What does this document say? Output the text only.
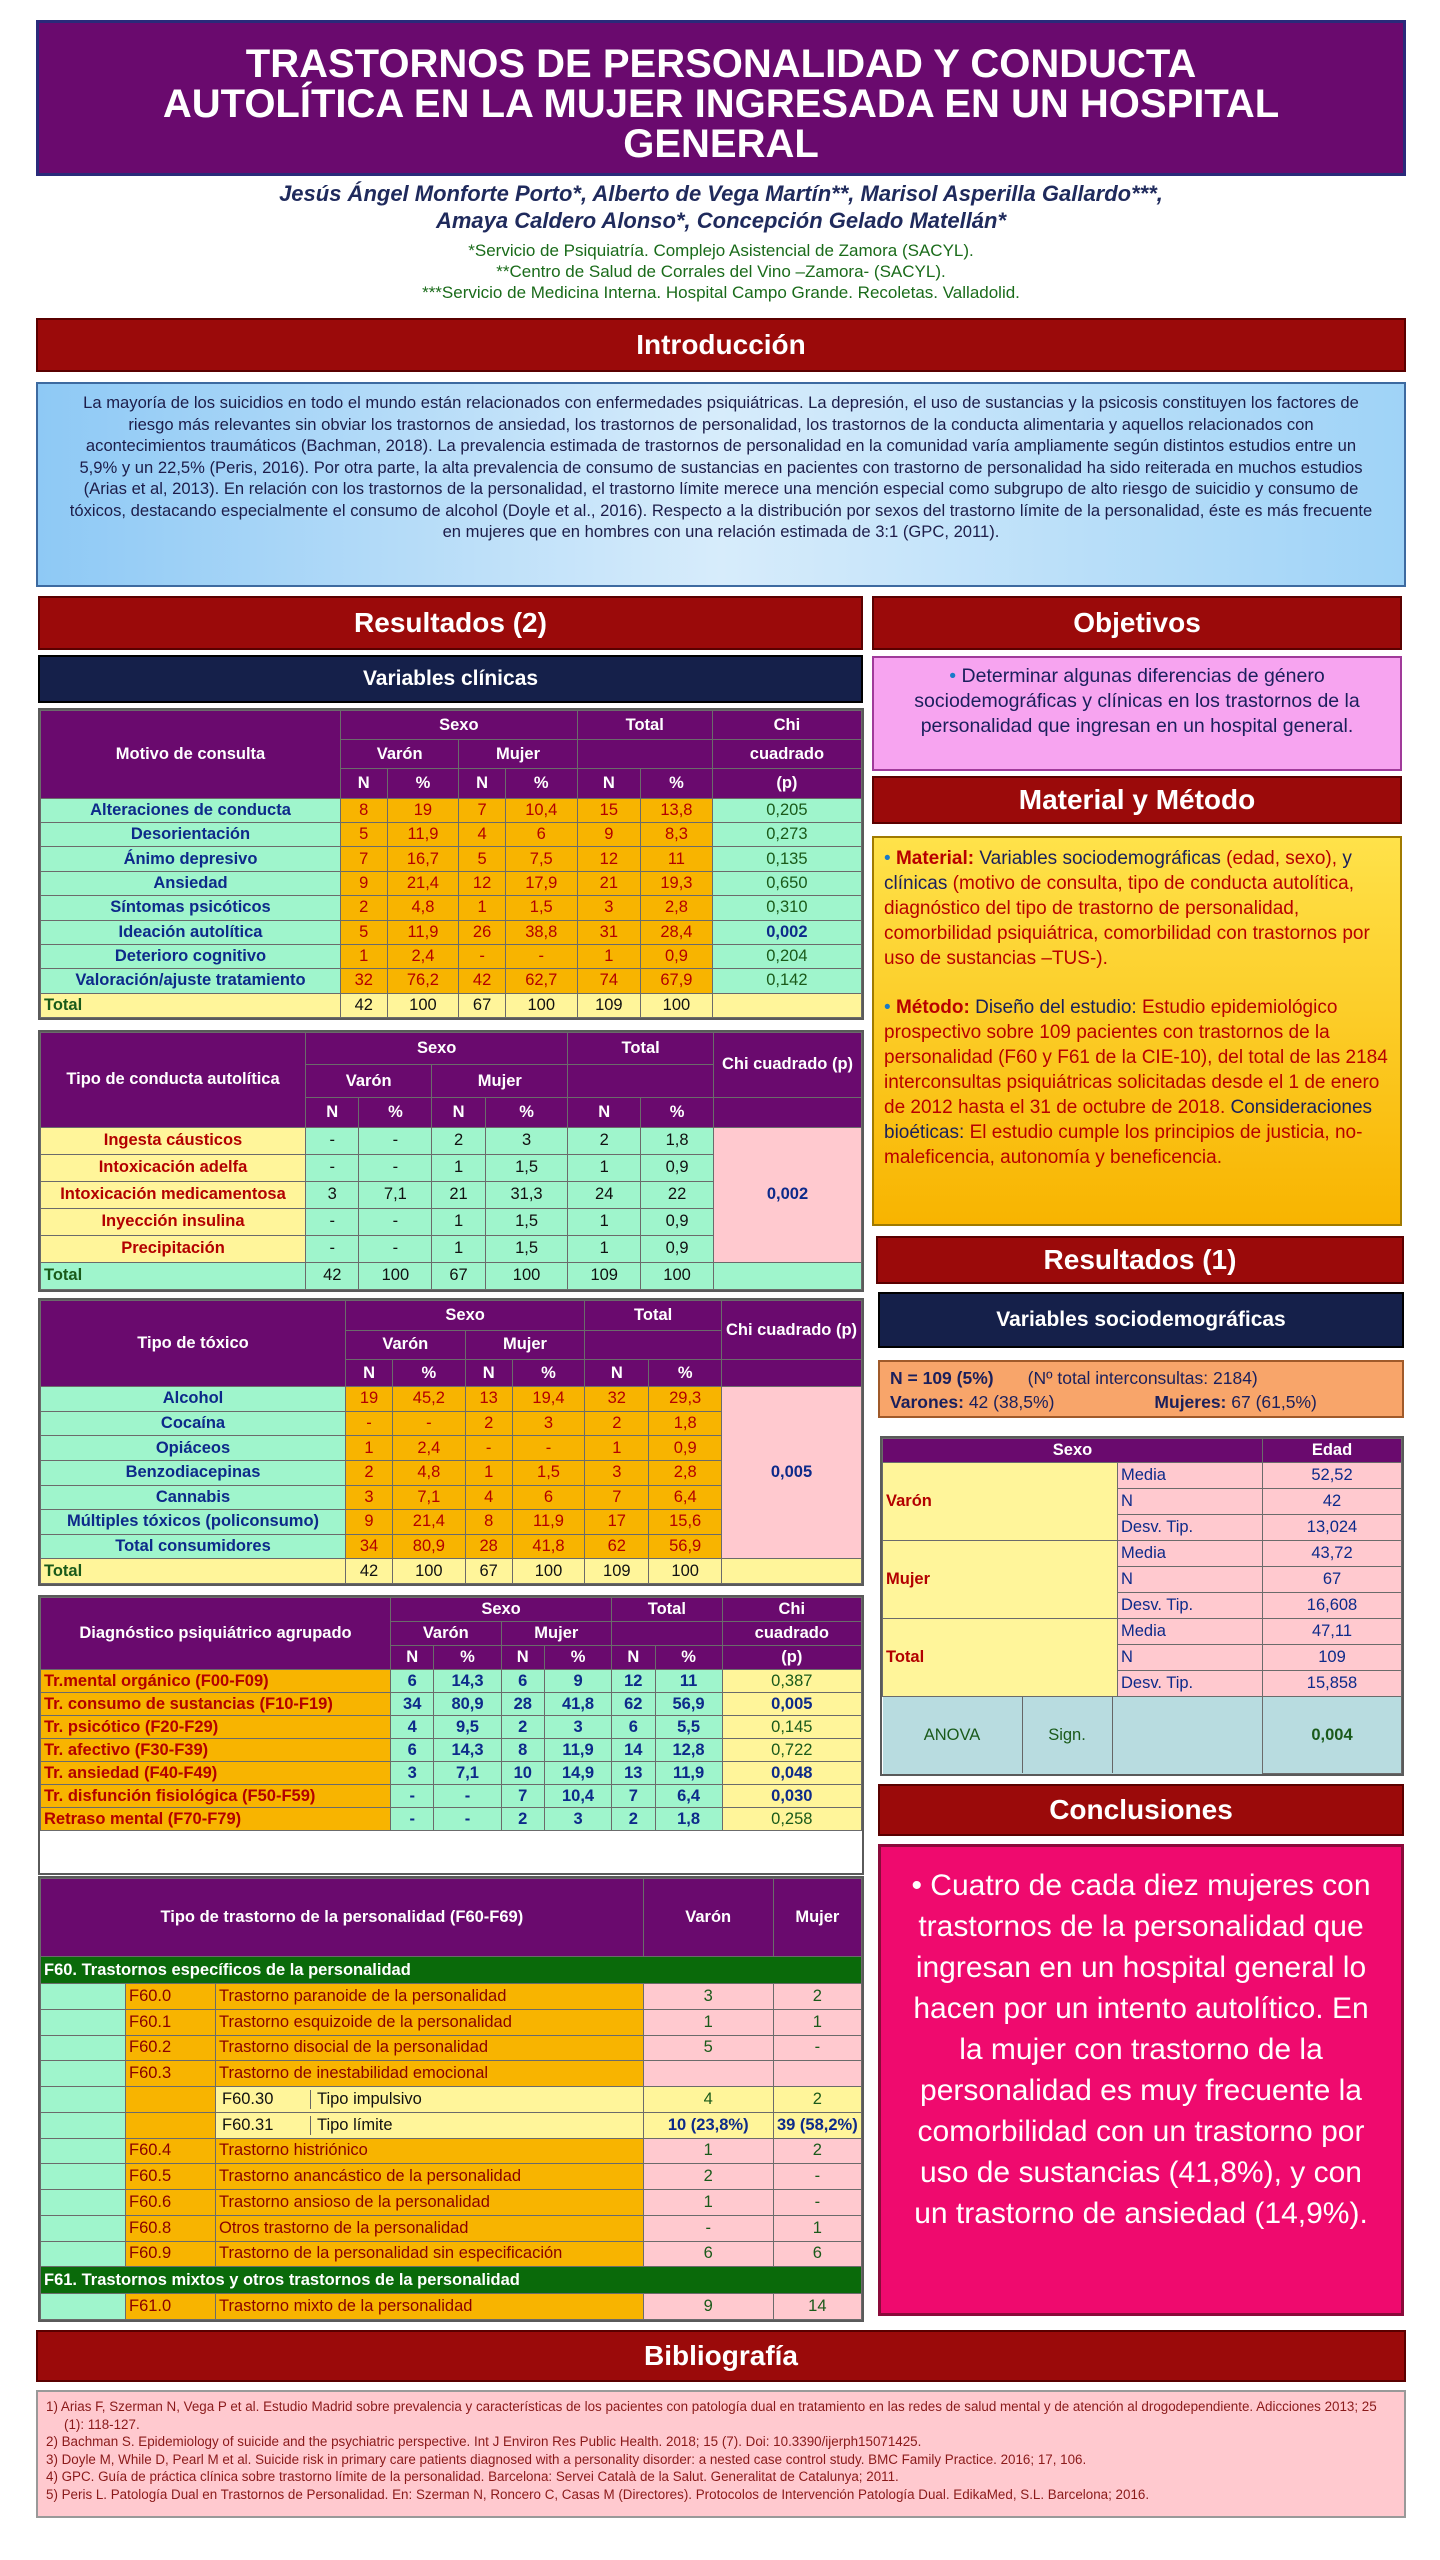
TRASTORNOS DE PERSONALIDAD Y CONDUCTA
AUTOLÍTICA EN LA MUJER INGRESADA EN UN HOSPITAL
GENERAL
Jesús Ángel Monforte Porto*, Alberto de Vega Martín**, Marisol Asperilla Gallardo***,
Amaya Caldero Alonso*, Concepción Gelado Matellán*
*Servicio de Psiquiatría. Complejo Asistencial de Zamora (SACYL).
**Centro de Salud de Corrales del Vino –Zamora- (SACYL).
***Servicio de Medicina Interna. Hospital Campo Grande. Recoletas. Valladolid.
Introducción
La mayoría de los suicidios en todo el mundo están relacionados con enfermedades psiquiátricas. La depresión, el uso de sustancias y la psicosis constituyen los factores de riesgo más relevantes sin obviar los trastornos de ansiedad, los trastornos de personalidad, los trastornos de la conducta alimentaria y aquellos relacionados con acontecimientos traumáticos (Bachman, 2018). La prevalencia estimada de trastornos de personalidad en la comunidad varía ampliamente según distintos estudios entre un 5,9% y un 22,5% (Peris, 2016). Por otra parte, la alta prevalencia de consumo de sustancias en pacientes con trastorno de personalidad ha sido reiterada en muchos estudios (Arias et al, 2013). En relación con los trastornos de la personalidad, el trastorno límite merece una mención especial como subgrupo de alto riesgo de suicidio y consumo de tóxicos, destacando especialmente el consumo de alcohol (Doyle et al., 2016). Respecto a la distribución por sexos del trastorno límite de la personalidad, éste es más frecuente en mujeres que en hombres con una relación estimada de 3:1 (GPC, 2011).
Resultados (2)
Variables clínicas
Motivo de consulta	Sexo				Total		Chi
	Varón		Mujer				cuadrado
	N	%	N	%	N	%	(p)
Alteraciones de conducta	8	19	7	10,4	15	13,8	0,205
Desorientación	5	11,9	4	6	9	8,3	0,273
Ánimo depresivo	7	16,7	5	7,5	12	11	0,135
Ansiedad	9	21,4	12	17,9	21	19,3	0,650
Síntomas psicóticos	2	4,8	1	1,5	3	2,8	0,310
Ideación autolítica	5	11,9	26	38,8	31	28,4	0,002
Deterioro cognitivo	1	2,4	-	-	1	0,9	0,204
Valoración/ajuste tratamiento	32	76,2	42	62,7	74	67,9	0,142
Total	42	100	67	100	109	100	
Tipo de conducta autolítica	Sexo				Total		Chi cuadrado (p)
	Varón		Mujer				
	N	%	N	%	N	%	
Ingesta cáusticos	-	-	2	3	2	1,8	0,002
Intoxicación adelfa	-	-	1	1,5	1	0,9	
Intoxicación medicamentosa	3	7,1	21	31,3	24	22	
Inyección insulina	-	-	1	1,5	1	0,9	
Precipitación	-	-	1	1,5	1	0,9	
Total	42	100	67	100	109	100	
Tipo de tóxico	Sexo				Total		Chi cuadrado (p)
	Varón		Mujer				
	N	%	N	%	N	%	
Alcohol	19	45,2	13	19,4	32	29,3	0,005
Cocaína	-	-	2	3	2	1,8	
Opiáceos	1	2,4	-	-	1	0,9	
Benzodiacepinas	2	4,8	1	1,5	3	2,8	
Cannabis	3	7,1	4	6	7	6,4	
Múltiples tóxicos (policonsumo)	9	21,4	8	11,9	17	15,6	
Total consumidores	34	80,9	28	41,8	62	56,9	
Total	42	100	67	100	109	100	
Diagnóstico psiquiátrico agrupado	Sexo				Total		Chi
	Varón		Mujer				cuadrado
	N	%	N	%	N	%	(p)
Tr.mental orgánico (F00-F09)	6	14,3	6	9	12	11	0,387
Tr. consumo de sustancias (F10-F19)	34	80,9	28	41,8	62	56,9	0,005
Tr. psicótico (F20-F29)	4	9,5	2	3	6	5,5	0,145
Tr. afectivo (F30-F39)	6	14,3	8	11,9	14	12,8	0,722
Tr. ansiedad (F40-F49)	3	7,1	10	14,9	13	11,9	0,048
Tr. disfunción fisiológica (F50-F59)	-	-	7	10,4	7	6,4	0,030
Retraso mental (F70-F79)	-	-	2	3	2	1,8	0,258
Tipo de trastorno de la personalidad (F60-F69)			Varón	Mujer
F60. Trastornos específicos de la personalidad				
	F60.0	Trastorno paranoide de la personalidad	3	2
	F60.1	Trastorno esquizoide de la personalidad	1	1
	F60.2	Trastorno disocial de la personalidad	5	-
	F60.3	Trastorno de inestabilidad emocional		
		F60.30 Tipo impulsivo	4	2
		F60.31 Tipo límite	10 (23,8%)	39 (58,2%)
	F60.4	Trastorno histriónico	1	2
	F60.5	Trastorno anancástico de la personalidad	2	-
	F60.6	Trastorno ansioso de la personalidad	1	-
	F60.8	Otros trastorno de la personalidad	-	1
	F60.9	Trastorno de la personalidad sin especificación	6	6
F61. Trastornos mixtos y otros trastornos de la personalidad				
	F61.0	Trastorno mixto de la personalidad	9	14
Objetivos
• Determinar algunas diferencias de género sociodemográficas y clínicas en los trastornos de la personalidad que ingresan en un hospital general.
Material y Método

• Material: Variables sociodemográficas (edad, sexo), y clínicas (motivo de consulta, tipo de conducta autolítica, diagnóstico del tipo de trastorno de personalidad, comorbilidad psiquiátrica, comorbilidad con trastornos por uso de sustancias –TUS-).

• Método: Diseño del estudio: Estudio epidemiológico prospectivo sobre 109 pacientes con trastornos de la personalidad (F60 y F61 de la CIE-10), del total de las 2184 interconsultas psiquiátricas solicitadas desde el 1 de enero de 2012 hasta el 31 de octubre de 2018. Consideraciones bioéticas: El estudio cumple los principios de justicia, no-maleficencia, autonomía y beneficencia.

Resultados (1)
Variables sociodemográficas
N = 109 (5%) (Nº total interconsultas: 2184)
Varones: 42 (38,5%)	Mujeres: 67 (61,5%)
Sexo		Edad
Varón	Media	52,52
	N	42
	Desv. Tip.	13,024
Mujer	Media	43,72
	N	67
	Desv. Tip.	16,608
Total	Media	47,11
	N	109
	Desv. Tip.	15,858

ANOVA Sign.		0,004
Conclusiones
• Cuatro de cada diez mujeres con trastornos de la personalidad que ingresan en un hospital general lo hacen por un intento autolítico. En la mujer con trastorno de la personalidad es muy frecuente la comorbilidad con un trastorno por uso de sustancias (41,8%), y con un trastorno de ansiedad (14,9%).
Bibliografía
1) Arias F, Szerman N, Vega P et al. Estudio Madrid sobre prevalencia y características de los pacientes con patología dual en tratamiento en las redes de salud mental y de atención al drogodependiente. Adicciones 2013; 25 (1): 118-127.
2) Bachman S. Epidemiology of suicide and the psychiatric perspective. Int J Environ Res Public Health. 2018; 15 (7). Doi: 10.3390/ijerph15071425.
3) Doyle M, While D, Pearl M et al. Suicide risk in primary care patients diagnosed with a personality disorder: a nested case control study. BMC Family Practice. 2016; 17, 106.
4) GPC. Guía de práctica clínica sobre trastorno límite de la personalidad. Barcelona: Servei Català de la Salut. Generalitat de Catalunya; 2011.
5) Peris L. Patología Dual en Trastornos de Personalidad. En: Szerman N, Roncero C, Casas M (Directores). Protocolos de Intervención Patología Dual. EdikaMed, S.L. Barcelona; 2016.
